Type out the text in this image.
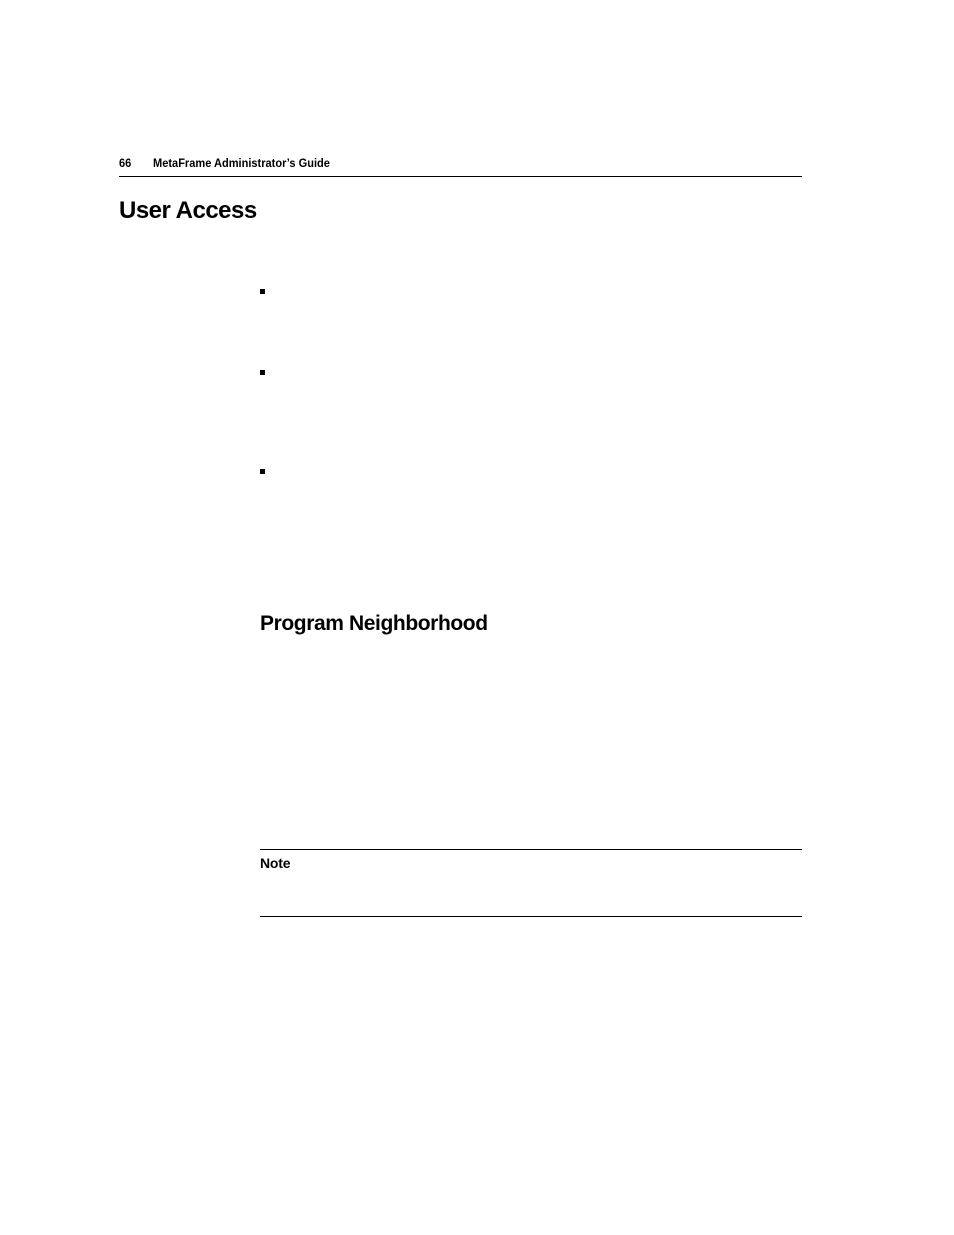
66 MetaFrame Administrator’s Guide
User Access
Program Neighborhood
Note
